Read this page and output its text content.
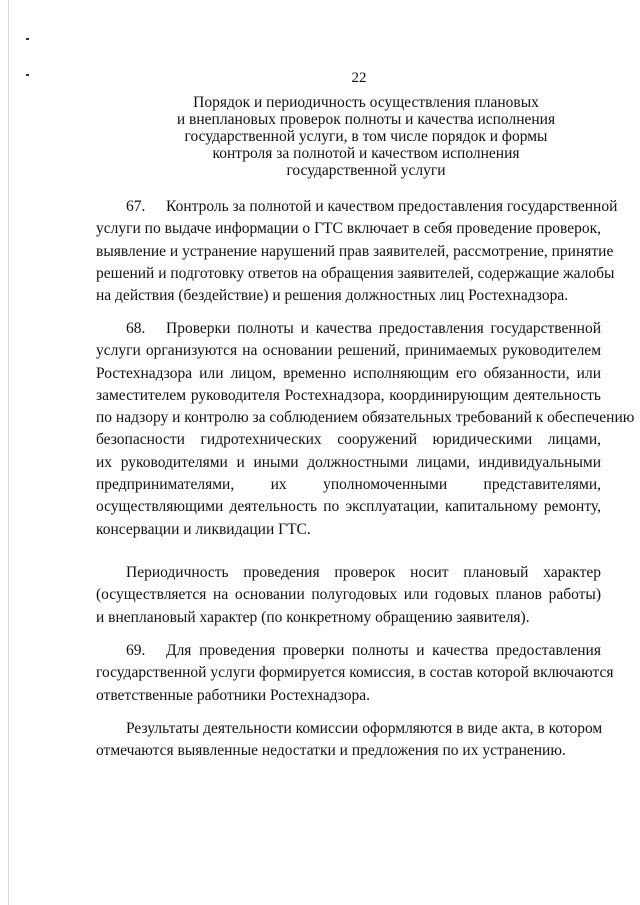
22
Порядок и периодичность осуществления плановых
и внеплановых проверок полноты и качества исполнения
государственной услуги, в том числе порядок и формы
контроля за полнотой и качеством исполнения
государственной услуги
67. Контроль за полнотой и качеством предоставления государственной
услуги по выдаче информации о ГТС включает в себя проведение проверок,
выявление и устранение нарушений прав заявителей, рассмотрение, принятие
решений и подготовку ответов на обращения заявителей, содержащие жалобы
на действия (бездействие) и решения должностных лиц Ростехнадзора.
68. Проверки полноты и качества предоставления государственной
услуги организуются на основании решений, принимаемых руководителем
Ростехнадзора или лицом, временно исполняющим его обязанности, или
заместителем руководителя Ростехнадзора, координирующим деятельность
по надзору и контролю за соблюдением обязательных требований к обеспечению
безопасности гидротехнических сооружений юридическими лицами,
их руководителями и иными должностными лицами, индивидуальными
предпринимателями, их уполномоченными представителями,
осуществляющими деятельность по эксплуатации, капитальному ремонту,
консервации и ликвидации ГТС.
Периодичность проведения проверок носит плановый характер
(осуществляется на основании полугодовых или годовых планов работы)
и внеплановый характер (по конкретному обращению заявителя).
69. Для проведения проверки полноты и качества предоставления
государственной услуги формируется комиссия, в состав которой включаются
ответственные работники Ростехнадзора.
Результаты деятельности комиссии оформляются в виде акта, в котором
отмечаются выявленные недостатки и предложения по их устранению.
